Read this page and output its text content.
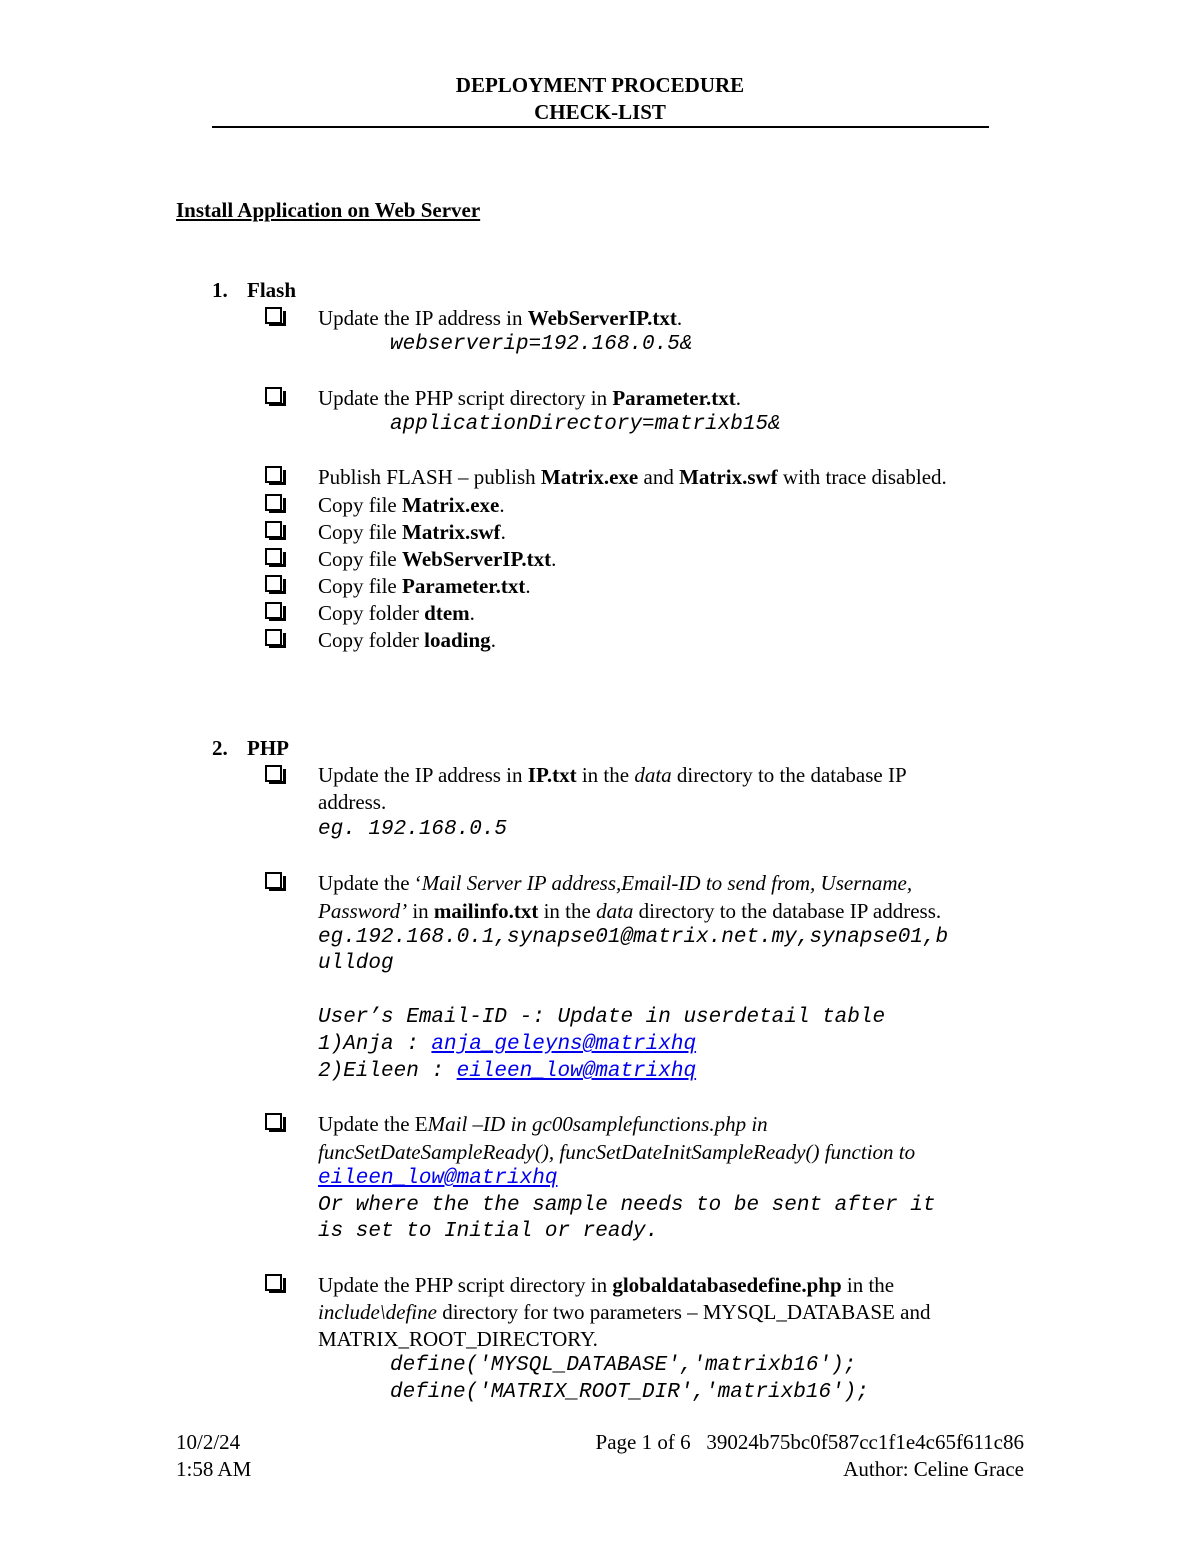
DEPLOYMENT PROCEDURE
CHECK-LIST
Install Application on Web Server
1. Flash
Update the IP address in WebServerIP.txt.
webserverip=192.168.0.5&
Update the PHP script directory in Parameter.txt.
applicationDirectory=matrixb15&
Publish FLASH – publish Matrix.exe and Matrix.swf with trace disabled.
Copy file Matrix.exe.
Copy file Matrix.swf.
Copy file WebServerIP.txt.
Copy file Parameter.txt.
Copy folder dtem.
Copy folder loading.
2. PHP
Update the IP address in IP.txt in the data directory to the database IP
address.
eg. 192.168.0.5
Update the ‘Mail Server IP address,Email-ID to send from, Username,
Password’ in mailinfo.txt in the data directory to the database IP address.
eg.192.168.0.1,synapse01@matrix.net.my,synapse01,b
ulldog
User’s Email-ID -: Update in userdetail table
1)Anja : anja_geleyns@matrixhq
2)Eileen : eileen_low@matrixhq
Update the EMail –ID in gc00samplefunctions.php in
funcSetDateSampleReady(), funcSetDateInitSampleReady() function to
eileen_low@matrixhq
Or where the the sample needs to be sent after it
is set to Initial or ready.
Update the PHP script directory in globaldatabasedefine.php in the
include\define directory for two parameters – MYSQL_DATABASE and
MATRIX_ROOT_DIRECTORY.
define('MYSQL_DATABASE','matrixb16');
define('MATRIX_ROOT_DIR','matrixb16');
10/2/24
1:58 AM
Page 1 of 6 39024b75bc0f587cc1f1e4c65f611c86
Author: Celine Grace
